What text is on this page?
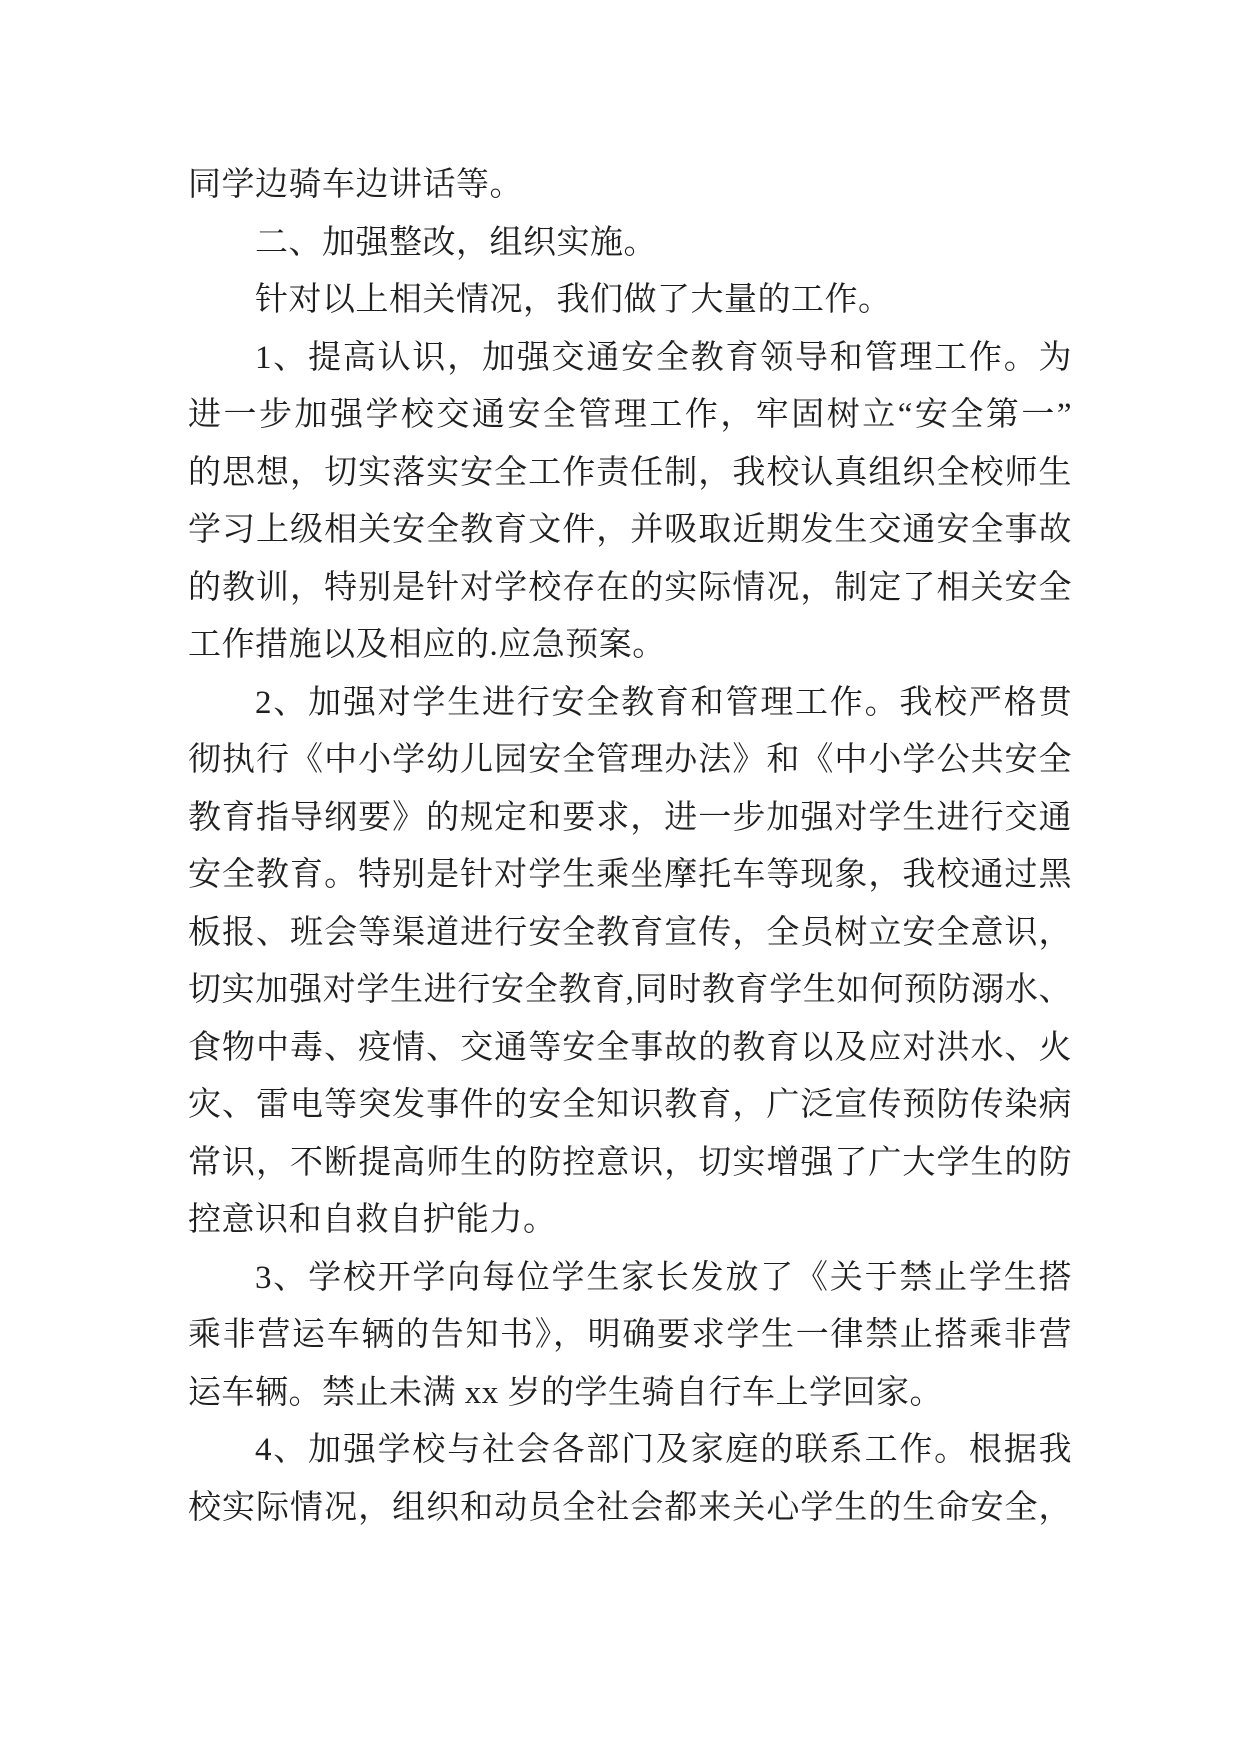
同学边骑车边讲话等。
二、加强整改，组织实施。
针对以上相关情况，我们做了大量的工作。
1、提高认识，加强交通安全教育领导和管理工作。为
进一步加强学校交通安全管理工作，牢固树立“安全第一”
的思想，切实落实安全工作责任制，我校认真组织全校师生
学习上级相关安全教育文件，并吸取近期发生交通安全事故
的教训，特别是针对学校存在的实际情况，制定了相关安全
工作措施以及相应的.应急预案。
2、加强对学生进行安全教育和管理工作。我校严格贯
彻执行《中小学幼儿园安全管理办法》和《中小学公共安全
教育指导纲要》的规定和要求，进一步加强对学生进行交通
安全教育。特别是针对学生乘坐摩托车等现象，我校通过黑
板报、班会等渠道进行安全教育宣传，全员树立安全意识，
切实加强对学生进行安全教育,同时教育学生如何预防溺水、
食物中毒、疫情、交通等安全事故的教育以及应对洪水、火
灾、雷电等突发事件的安全知识教育，广泛宣传预防传染病
常识，不断提高师生的防控意识，切实增强了广大学生的防
控意识和自救自护能力。
3、学校开学向每位学生家长发放了《关于禁止学生搭
乘非营运车辆的告知书》，明确要求学生一律禁止搭乘非营
运车辆。禁止未满 xx 岁的学生骑自行车上学回家。
4、加强学校与社会各部门及家庭的联系工作。根据我
校实际情况，组织和动员全社会都来关心学生的生命安全，
